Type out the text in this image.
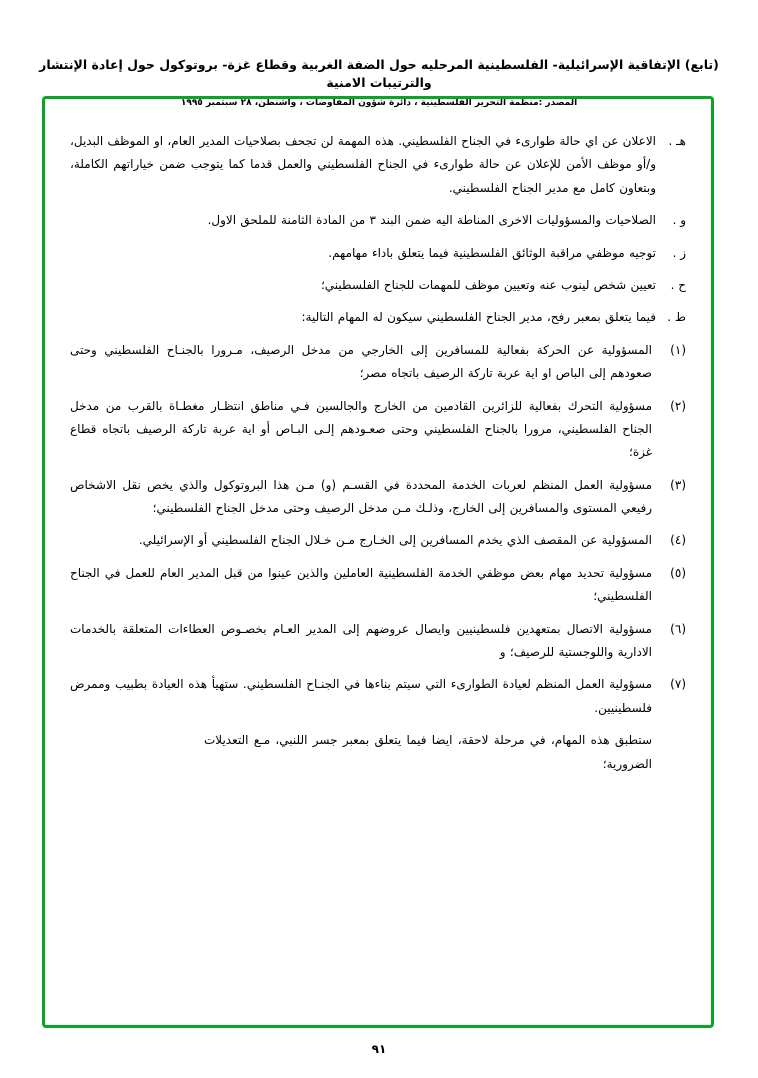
(تابع) الإتفاقية الإسرائيلية- الفلسطينية المرحليه حول الضفة الغربية وقطاع غزة- بروتوكول حول إعادة الإنتشار والترتيبات الامنية
المصدر :منظمة التحرير الفلسطينية ، دائرة شؤون المفاوضات ، واشنطن، ٢٨ سبتمبر ١٩٩٥
هـ .
الاعلان عن اي حالة طوارىء في الجناح الفلسطيني. هذه المهمة لن تجحف بصلاحيات المدير العام، او الموظف البديل، و/أو موظف الأمن للإعلان عن حالة طوارىء في الجناح الفلسطيني والعمل قدما كما يتوجب ضمن خياراتهم الكاملة، وبتعاون كامل مع مدير الجناح الفلسطيني.
و .
الصلاحيات والمسؤوليات الاخرى المناطة اليه ضمن البند ٣ من المادة الثامنة للملحق الاول.
ز .
توجيه موظفي مراقبة الوثائق الفلسطينية فيما يتعلق باداء مهامهم.
ح .
تعيين شخص لينوب عنه وتعيين موظف للمهمات للجناح الفلسطيني؛
ط .
فيما يتعلق بمعبر رفح، مدير الجناح الفلسطيني سيكون له المهام التالية:
(١)
المسؤولية عن الحركة بفعالية للمسافرين إلى الخارجي من مدخل الرصيف، مـرورا بالجنـاح الفلسطيني وحتى صعودهم إلى الباص او اية عربة تاركة الرصيف باتجاه مصر؛
(٢)
مسؤولية التحرك بفعالية للزائرين القادمين من الخارج والجالسين فـي مناطق انتظـار مغطـاة بالقرب من مدخل الجناح الفلسطيني، مرورا بالجناح الفلسطيني وحتى صعـودهم إلـى البـاص أو اية عربة تاركة الرصيف باتجاه قطاع غزة؛
(٣)
مسؤولية العمل المنظم لعربات الخدمة المحددة في القسـم (و) مـن هذا البروتوكول والذي يخص نقل الاشخاص رفيعي المستوى والمسافرين إلى الخارج، وذلـك مـن مدخل الرصيف وحتى مدخل الجناح الفلسطيني؛
(٤)
المسؤولية عن المقصف الذي يخدم المسافرين إلى الخـارج مـن خـلال الجناح الفلسطيني أو الإسرائيلي.
(٥)
مسؤولية تحديد مهام بعض موظفي الخدمة الفلسطينية العاملين والذين عينوا من قبل المدير العام للعمل في الجناح الفلسطيني؛
(٦)
مسؤولية الاتصال بمتعهدين فلسطينيين وايصال عروضهم إلى المدير العـام بخصـوص العطاءات المتعلقة بالخدمات الادارية واللوجستية للرصيف؛ و
(٧)
مسؤولية العمل المنظم لعيادة الطوارىء التي سيتم بناءها في الجنـاح الفلسطيني. ستهيأ هذه العيادة بطبيب وممرض فلسطينيين.
ستطبق هذه المهام، في مرحلة لاحقة، ايضا فيما يتعلق بمعبر جسر اللنبي، مـع التعديلات الضرورية؛
٩١
